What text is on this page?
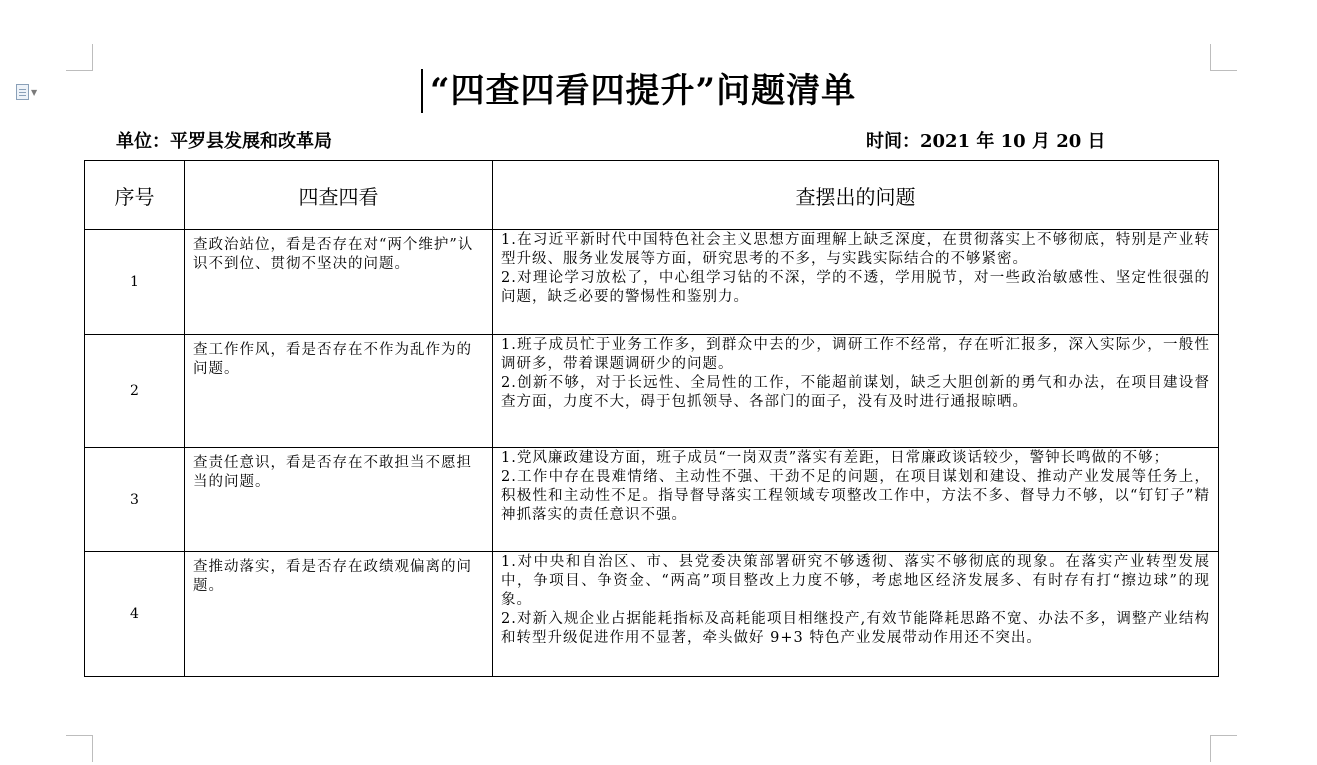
▼	“四查四看四提升”问题清单
单位：平罗县发展和改革局	时间：2021 年 10 月 20 日
序号	四查四看	查摆出的问题
1	查政治站位，看是否存在对“两个维护”认识不到位、贯彻不坚决的问题。	1.在习近平新时代中国特色社会主义思想方面理解上缺乏深度，在贯彻落实上不够彻底，特别是产业转型升级、服务业发展等方面，研究思考的不多，与实践实际结合的不够紧密。
2.对理论学习放松了，中心组学习钻的不深，学的不透，学用脱节，对一些政治敏感性、坚定性很强的问题，缺乏必要的警惕性和鉴别力。

2	查工作作风，看是否存在不作为乱作为的问题。	1.班子成员忙于业务工作多，到群众中去的少，调研工作不经常，存在听汇报多，深入实际少，一般性调研多，带着课题调研少的问题。
2.创新不够，对于长远性、全局性的工作，不能超前谋划，缺乏大胆创新的勇气和办法，在项目建设督查方面，力度不大，碍于包抓领导、各部门的面子，没有及时进行通报晾晒。

3	查责任意识，看是否存在不敢担当不愿担当的问题。	1.党风廉政建设方面，班子成员“一岗双责”落实有差距，日常廉政谈话较少，警钟长鸣做的不够；
2.工作中存在畏难情绪、主动性不强、干劲不足的问题，在项目谋划和建设、推动产业发展等任务上，积极性和主动性不足。指导督导落实工程领域专项整改工作中，方法不多、督导力不够，以“钉钉子”精神抓落实的责任意识不强。

4	查推动落实，看是否存在政绩观偏离的问题。	1.对中央和自治区、市、县党委决策部署研究不够透彻、落实不够彻底的现象。在落实产业转型发展中，争项目、争资金、“两高”项目整改上力度不够，考虑地区经济发展多、有时存有打“擦边球”的现象。
2.对新入规企业占据能耗指标及高耗能项目相继投产,有效节能降耗思路不宽、办法不多，调整产业结构和转型升级促进作用不显著，牵头做好 9+3 特色产业发展带动作用还不突出。
